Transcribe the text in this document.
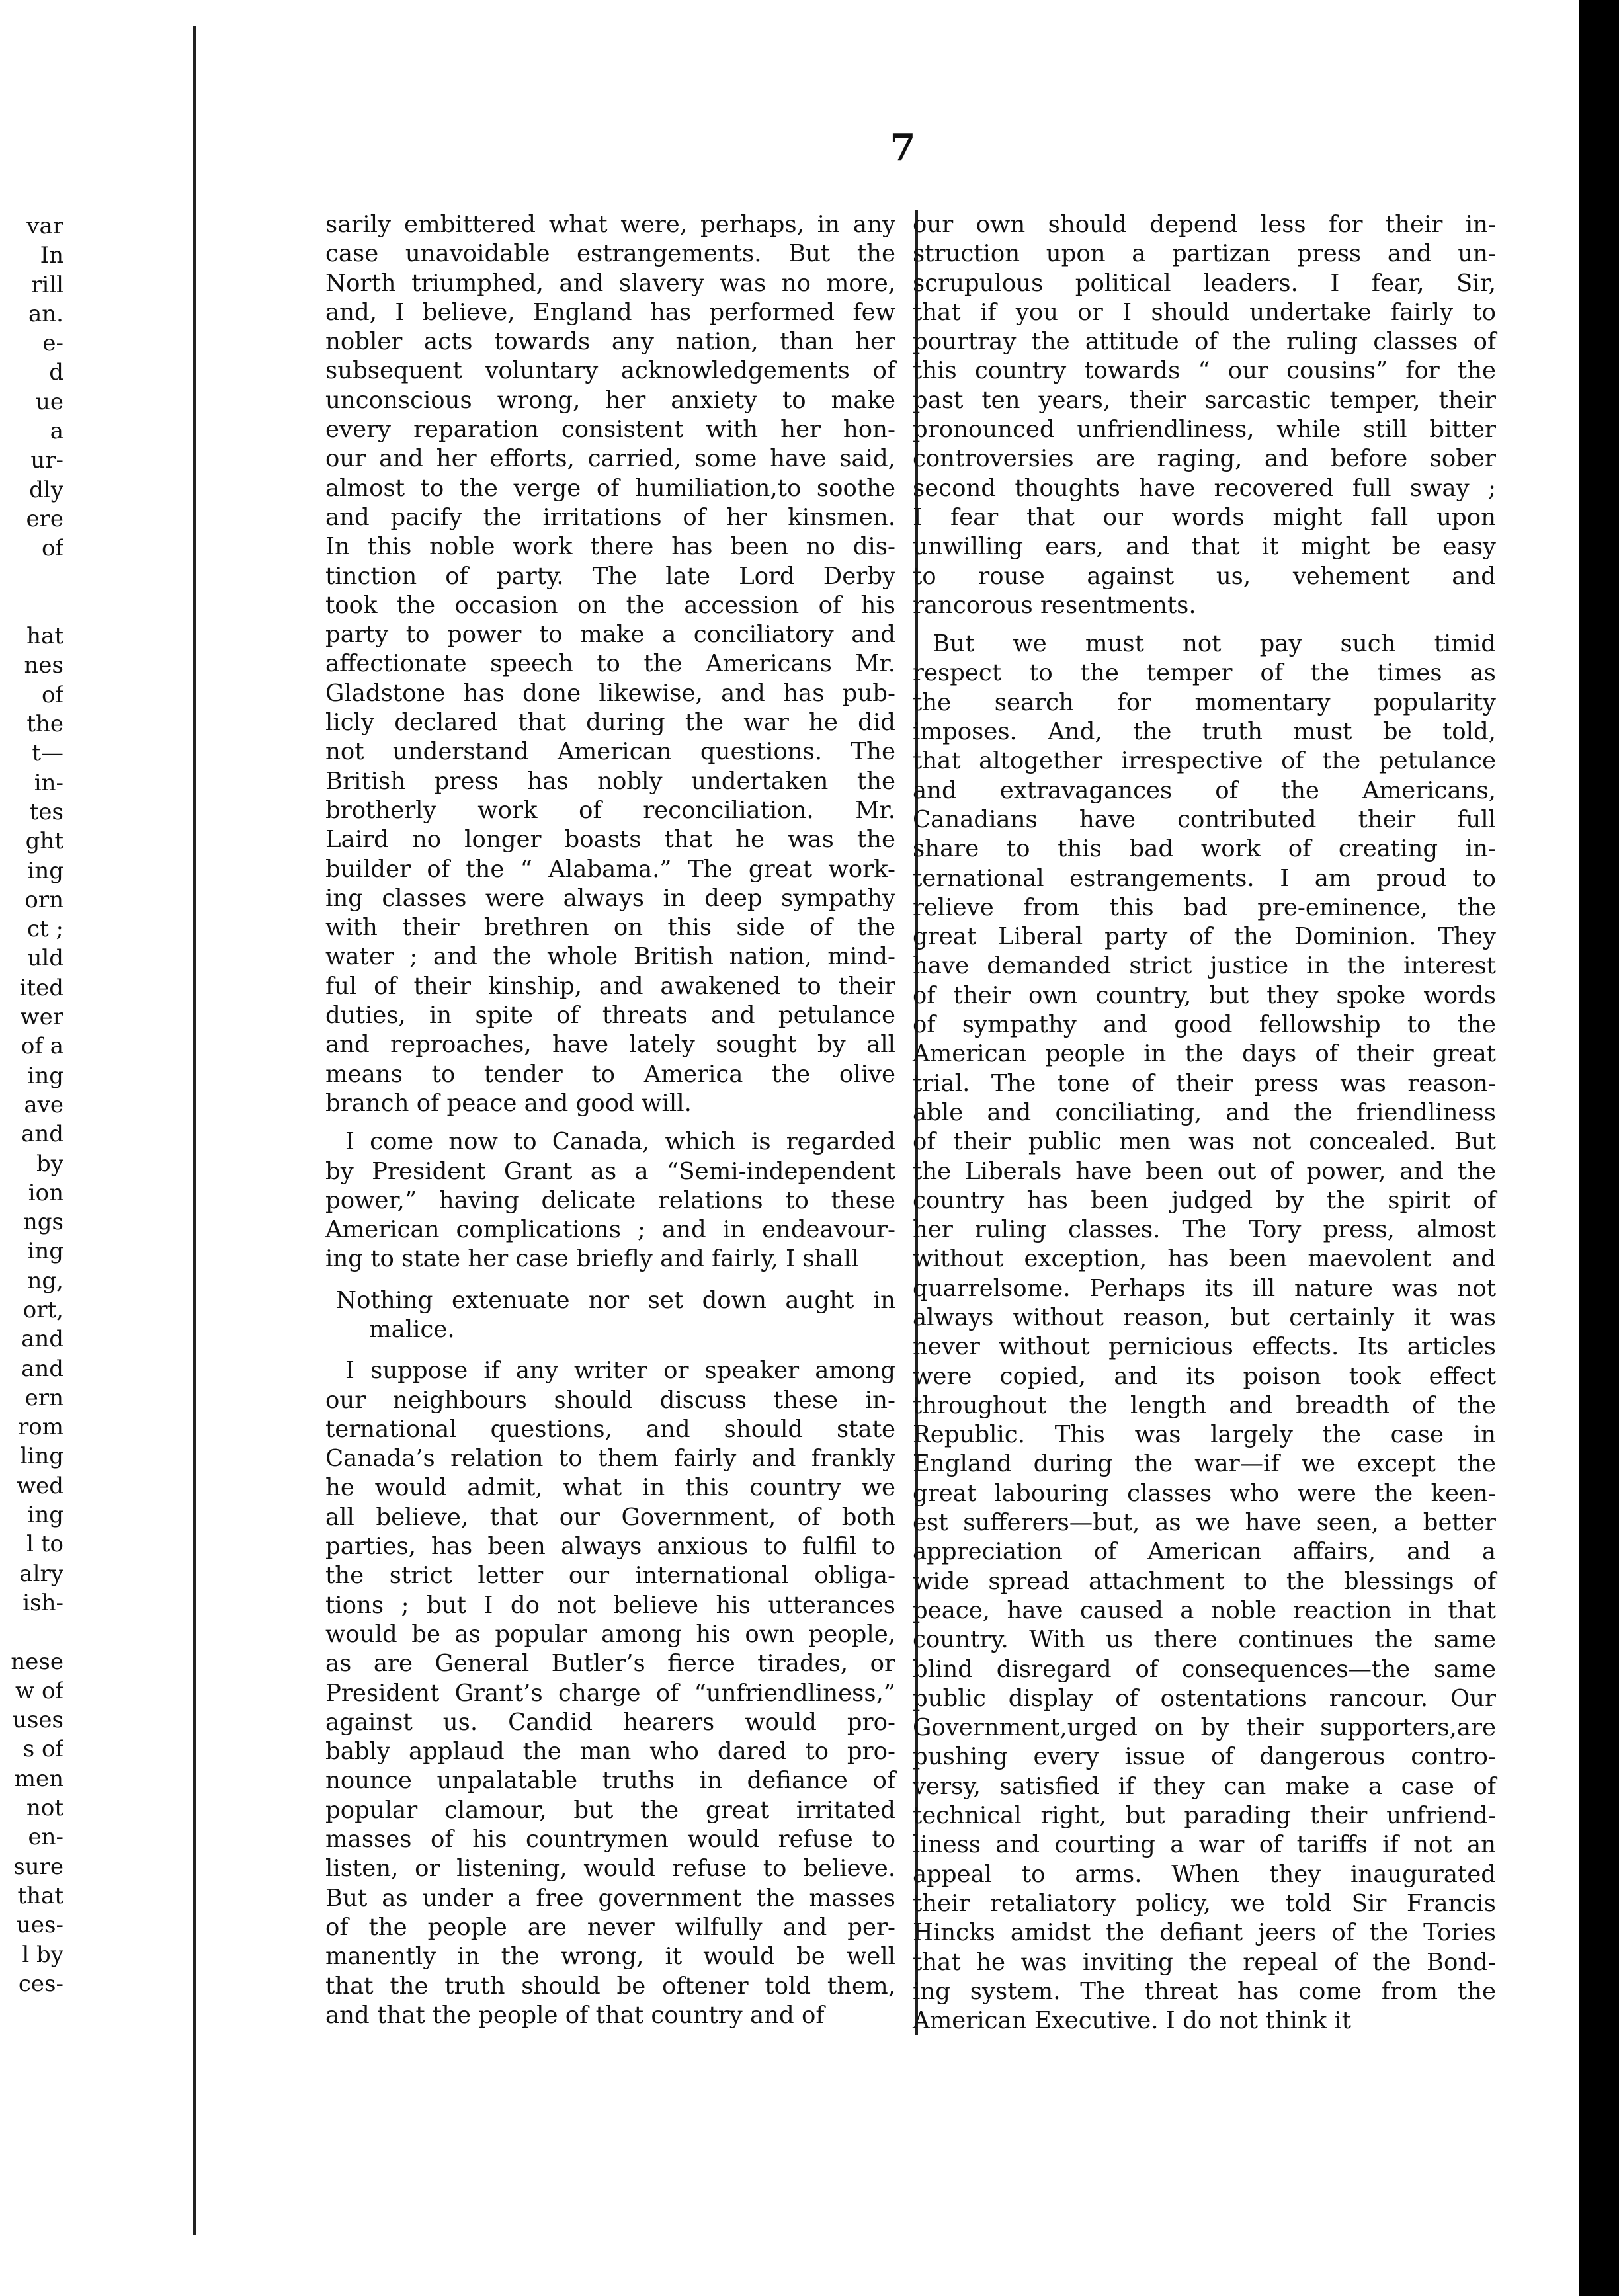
var
In
rill
an.
e-
d
ue
a
ur-
dly
ere
of
hat
nes
of
the
t—
in-
tes
ght
ing
orn
ct ;
uld
ited
wer
of a
ing
ave
and
by
ion
ngs
ing
ng,
ort,
and
and
ern
rom
ling
wed
ing
l to
alry
ish-
nese
w of
uses
s of
men
not
en-
sure
that
ues-
l by
ces-
7

sarily embittered what were, perhaps, in any
case unavoidable estrangements. But the
North triumphed, and slavery was no more,
and, I believe, England has performed few
nobler acts towards any nation, than her
subsequent voluntary acknowledgements of
unconscious wrong, her anxiety to make
every reparation consistent with her hon-
our and her efforts, carried, some have said,
almost to the verge of humiliation,to soothe
and pacify the irritations of her kinsmen.
In this noble work there has been no dis-
tinction of party. The late Lord Derby
took the occasion on the accession of his
party to power to make a conciliatory and
affectionate speech to the Americans Mr.
Gladstone has done likewise, and has pub-
licly declared that during the war he did
not understand American questions. The
British press has nobly undertaken the
brotherly work of reconciliation. Mr.
Laird no longer boasts that he was the
builder of the “ Alabama.” The great work-
ing classes were always in deep sympathy
with their brethren on this side of the
water ; and the whole British nation, mind-
ful of their kinship, and awakened to their
duties, in spite of threats and petulance
and reproaches, have lately sought by all
means to tender to America the olive
branch of peace and good will.

I come now to Canada, which is regarded
by President Grant as a “Semi-independent
power,” having delicate relations to these
American complications ; and in endeavour-
ing to state her case briefly and fairly, I shall

Nothing extenuate nor set down aught in
malice.

I suppose if any writer or speaker among
our neighbours should discuss these in-
ternational questions, and should state
Canada’s relation to them fairly and frankly
he would admit, what in this country we
all believe, that our Government, of both
parties, has been always anxious to fulfil to
the strict letter our international obliga-
tions ; but I do not believe his utterances
would be as popular among his own people,
as are General Butler’s fierce tirades, or
President Grant’s charge of “unfriendliness,”
against us. Candid hearers would pro-
bably applaud the man who dared to pro-
nounce unpalatable truths in defiance of
popular clamour, but the great irritated
masses of his countrymen would refuse to
listen, or listening, would refuse to believe.
But as under a free government the masses
of the people are never wilfully and per-
manently in the wrong, it would be well
that the truth should be oftener told them,
and that the people of that country and of

our own should depend less for their in-
struction upon a partizan press and un-
scrupulous political leaders. I fear, Sir,
that if you or I should undertake fairly to
pourtray the attitude of the ruling classes of
this country towards “ our cousins” for the
past ten years, their sarcastic temper, their
pronounced unfriendliness, while still bitter
controversies are raging, and before sober
second thoughts have recovered full sway ;
I fear that our words might fall upon
unwilling ears, and that it might be easy
to rouse against us, vehement and
rancorous resentments.

But we must not pay such timid
respect to the temper of the times as
the search for momentary popularity
imposes. And, the truth must be told,
that altogether irrespective of the petulance
and extravagances of the Americans,
Canadians have contributed their full
share to this bad work of creating in-
ternational estrangements. I am proud to
relieve from this bad pre-eminence, the
great Liberal party of the Dominion. They
have demanded strict justice in the interest
of their own country, but they spoke words
of sympathy and good fellowship to the
American people in the days of their great
trial. The tone of their press was reason-
able and conciliating, and the friendliness
of their public men was not concealed. But
the Liberals have been out of power, and the
country has been judged by the spirit of
her ruling classes. The Tory press, almost
without exception, has been maevolent and
quarrelsome. Perhaps its ill nature was not
always without reason, but certainly it was
never without pernicious effects. Its articles
were copied, and its poison took effect
throughout the length and breadth of the
Republic. This was largely the case in
England during the war—if we except the
great labouring classes who were the keen-
est sufferers—but, as we have seen, a better
appreciation of American affairs, and a
wide spread attachment to the blessings of
peace, have caused a noble reaction in that
country. With us there continues the same
blind disregard of consequences—the same
public display of ostentations rancour. Our
Government,urged on by their supporters,are
pushing every issue of dangerous contro-
versy, satisfied if they can make a case of
technical right, but parading their unfriend-
liness and courting a war of tariffs if not an
appeal to arms. When they inaugurated
their retaliatory policy, we told Sir Francis
Hincks amidst the defiant jeers of the Tories
that he was inviting the repeal of the Bond-
ing system. The threat has come from the
American Executive. I do not think it
